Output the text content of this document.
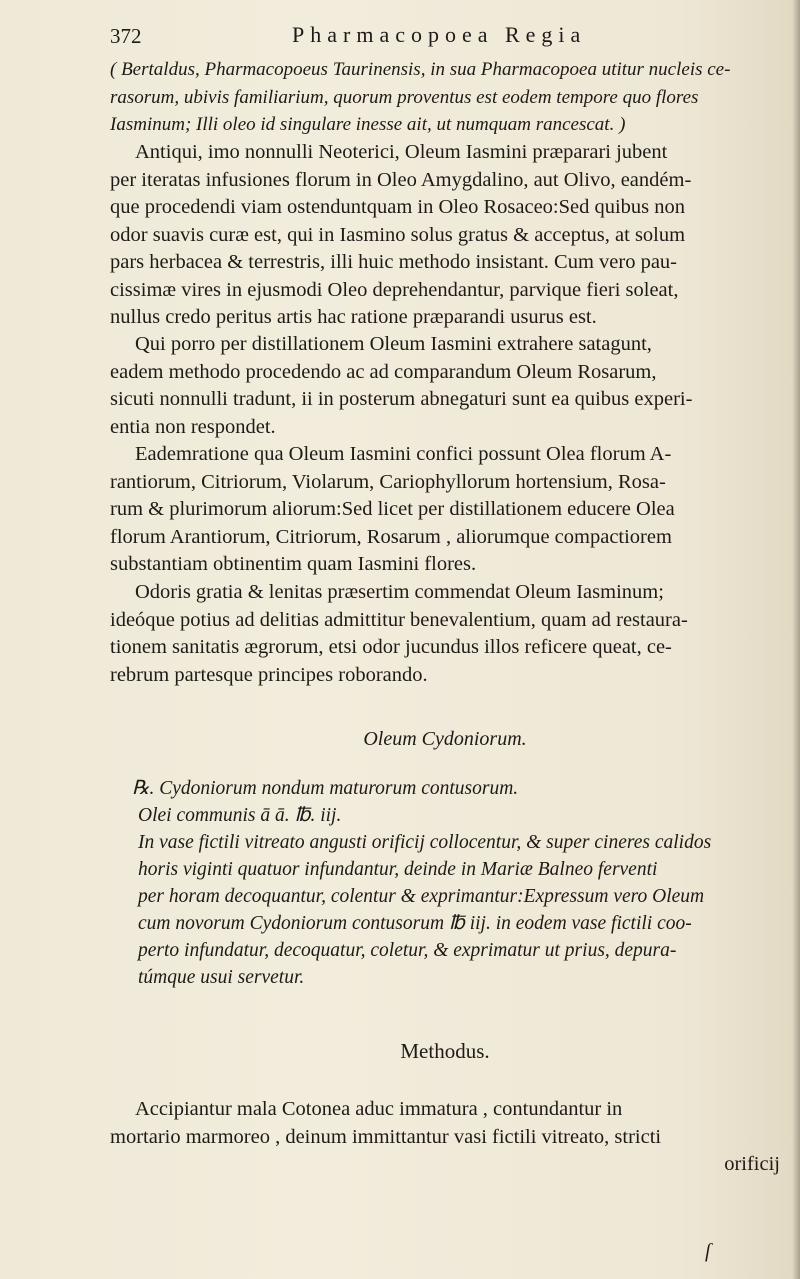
372	Pharmacopoea Regia
( Bertaldus, Pharmacopoeus Taurinensis, in sua Pharmacopoea utitur nucleis ce-
rasorum, ubivis familiarium, quorum proventus est eodem tempore quo flores
Iasminum; Illi oleo id singulare inesse ait, ut numquam rancescat. )
Antiqui, imo nonnulli Neoterici, Oleum Iasmini præparari jubent
per iteratas infusiones florum in Oleo Amygdalino, aut Olivo, eandém-
que procedendi viam ostenduntquam in Oleo Rosaceo:Sed quibus non
odor suavis curæ est, qui in Iasmino solus gratus & acceptus, at solum
pars herbacea & terrestris, illi huic methodo insistant. Cum vero pau-
cissimæ vires in ejusmodi Oleo deprehendantur, parvique fieri soleat,
nullus credo peritus artis hac ratione præparandi usurus est.
Qui porro per distillationem Oleum Iasmini extrahere satagunt,
eadem methodo procedendo ac ad comparandum Oleum Rosarum,
sicuti nonnulli tradunt, ii in posterum abnegaturi sunt ea quibus experi-
entia non respondet.
Eademratione qua Oleum Iasmini confici possunt Olea florum A-
rantiorum, Citriorum, Violarum, Cariophyllorum hortensium, Rosa-
rum & plurimorum aliorum:Sed licet per distillationem educere Olea
florum Arantiorum, Citriorum, Rosarum , aliorumque compactiorem
substantiam obtinentim quam Iasmini flores.
Odoris gratia & lenitas præsertim commendat Oleum Iasminum;
ideóque potius ad delitias admittitur benevalentium, quam ad restaura-
tionem sanitatis ægrorum, etsi odor jucundus illos reficere queat, ce-
rebrum partesque principes roborando.
Oleum Cydoniorum.
℞. Cydoniorum nondum maturorum contusorum.
Olei communis ā ā. ℔. iij.
In vase fictili vitreato angusti orificij collocentur, & super cineres calidos
horis viginti quatuor infundantur, deinde in Mariæ Balneo ferventi
per horam decoquantur, colentur & exprimantur:Expressum vero Oleum
cum novorum Cydoniorum contusorum ℔ iij. in eodem vase fictili coo-
perto infundatur, decoquatur, coletur, & exprimatur ut prius, depura-
túmque usui servetur.
Methodus.
Accipiantur mala Cotonea aduc immatura , contundantur in
mortario marmoreo , deinum immittantur vasi fictili vitreato, stricti
orificij
ſ
